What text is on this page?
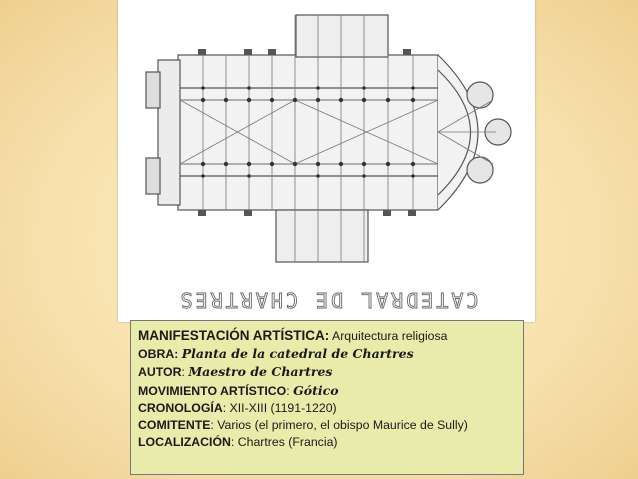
CATEDRAL DE CHARTRES
MANIFESTACIÓN ARTÍSTICA: Arquitectura religiosa
OBRA: Planta de la catedral de Chartres
AUTOR: Maestro de Chartres
MOVIMIENTO ARTÍSTICO: Gótico
CRONOLOGÍA: XII-XIII (1191-1220)
COMITENTE: Varios (el primero, el obispo Maurice de Sully)
LOCALIZACIÓN: Chartres (Francia)
